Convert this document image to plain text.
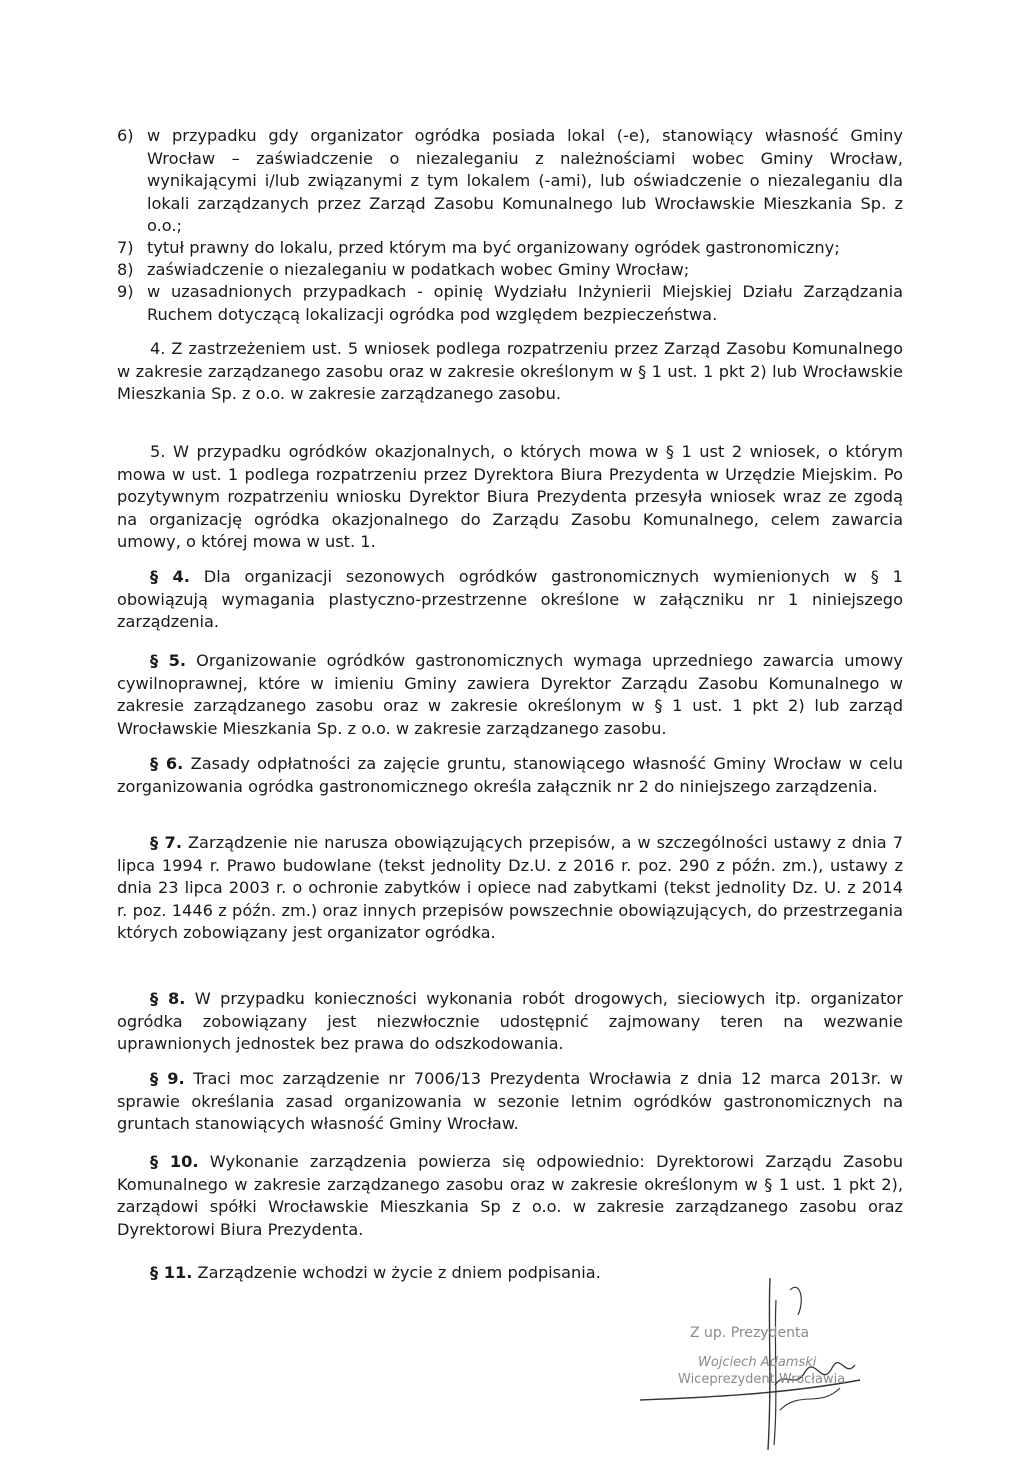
6) w przypadku gdy organizator ogródka posiada lokal (-e), stanowiący własność Gminy Wrocław – zaświadczenie o niezaleganiu z należnościami wobec Gminy Wrocław, wynikającymi i/lub związanymi z tym lokalem (-ami), lub oświadczenie o niezaleganiu dla lokali zarządzanych przez Zarząd Zasobu Komunalnego lub Wrocławskie Mieszkania Sp. z o.o.;
7) tytuł prawny do lokalu, przed którym ma być organizowany ogródek gastronomiczny;
8) zaświadczenie o niezaleganiu w podatkach wobec Gminy Wrocław;
9) w uzasadnionych przypadkach - opinię Wydziału Inżynierii Miejskiej Działu Zarządzania Ruchem dotyczącą lokalizacji ogródka pod względem bezpieczeństwa.

4. Z zastrzeżeniem ust. 5 wniosek podlega rozpatrzeniu przez Zarząd Zasobu Komunalnego w zakresie zarządzanego zasobu oraz w zakresie określonym w § 1 ust. 1 pkt 2) lub Wrocławskie Mieszkania Sp. z o.o. w zakresie zarządzanego zasobu.

5. W przypadku ogródków okazjonalnych, o których mowa w § 1 ust 2 wniosek, o którym mowa w ust. 1 podlega rozpatrzeniu przez Dyrektora Biura Prezydenta w Urzędzie Miejskim. Po pozytywnym rozpatrzeniu wniosku Dyrektor Biura Prezydenta przesyła wniosek wraz ze zgodą na organizację ogródka okazjonalnego do Zarządu Zasobu Komunalnego, celem zawarcia umowy, o której mowa w ust. 1.

§ 4. Dla organizacji sezonowych ogródków gastronomicznych wymienionych w § 1 obowiązują wymagania plastyczno-przestrzenne określone w załączniku nr 1 niniejszego zarządzenia.

§ 5. Organizowanie ogródków gastronomicznych wymaga uprzedniego zawarcia umowy cywilnoprawnej, które w imieniu Gminy zawiera Dyrektor Zarządu Zasobu Komunalnego w zakresie zarządzanego zasobu oraz w zakresie określonym w § 1 ust. 1 pkt 2) lub zarząd Wrocławskie Mieszkania Sp. z o.o. w zakresie zarządzanego zasobu.

§ 6. Zasady odpłatności za zajęcie gruntu, stanowiącego własność Gminy Wrocław w celu zorganizowania ogródka gastronomicznego określa załącznik nr 2 do niniejszego zarządzenia.

§ 7. Zarządzenie nie narusza obowiązujących przepisów, a w szczególności ustawy z dnia 7 lipca 1994 r. Prawo budowlane (tekst jednolity Dz.U. z 2016 r. poz. 290 z późn. zm.), ustawy z dnia 23 lipca 2003 r. o ochronie zabytków i opiece nad zabytkami (tekst jednolity Dz. U. z 2014 r. poz. 1446 z późn. zm.) oraz innych przepisów powszechnie obowiązujących, do przestrzegania których zobowiązany jest organizator ogródka.

§ 8. W przypadku konieczności wykonania robót drogowych, sieciowych itp. organizator ogródka zobowiązany jest niezwłocznie udostępnić zajmowany teren na wezwanie uprawnionych jednostek bez prawa do odszkodowania.

§ 9. Traci moc zarządzenie nr 7006/13 Prezydenta Wrocławia z dnia 12 marca 2013r. w sprawie określania zasad organizowania w sezonie letnim ogródków gastronomicznych na gruntach stanowiących własność Gminy Wrocław.

§ 10. Wykonanie zarządzenia powierza się odpowiednio: Dyrektorowi Zarządu Zasobu Komunalnego w zakresie zarządzanego zasobu oraz w zakresie określonym w § 1 ust. 1 pkt 2), zarządowi spółki Wrocławskie Mieszkania Sp z o.o. w zakresie zarządzanego zasobu oraz Dyrektorowi Biura Prezydenta.

§ 11. Zarządzenie wchodzi w życie z dniem podpisania.

Z up. Prezydenta
Wojciech Adamski
Wiceprezydent Wrocławia
